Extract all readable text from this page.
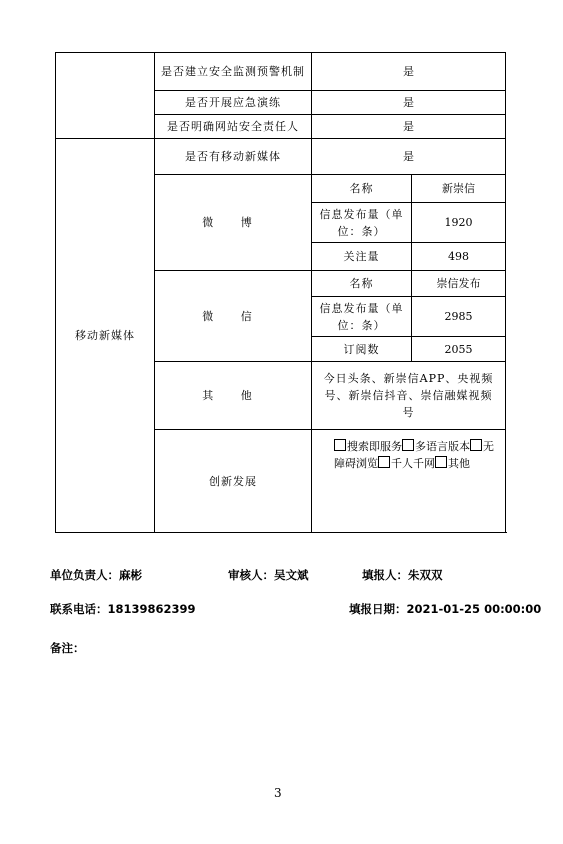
	是否建立安全监测预警机制	是	
	是否开展应急演练	是	
	是否明确网站安全责任人	是	
移动新媒体	是否有移动新媒体	是	
	微 博	名称	新崇信
		信息发布量（单位：条）	1920
		关注量	498
	微 信	名称	崇信发布
		信息发布量（单位：条）	2985
		订阅数	2055
	其 他	今日头条、新崇信APP、央视频号、新崇信抖音、崇信融媒视频号	
	创新发展	搜索即服务 多语言版本 无障碍浏览 千人千网 其他	
单位负责人：麻彬	审核人：吴文斌	填报人：朱双双
联系电话：18139862399	填报日期：2021-01-25 00:00:00
备注：
3
